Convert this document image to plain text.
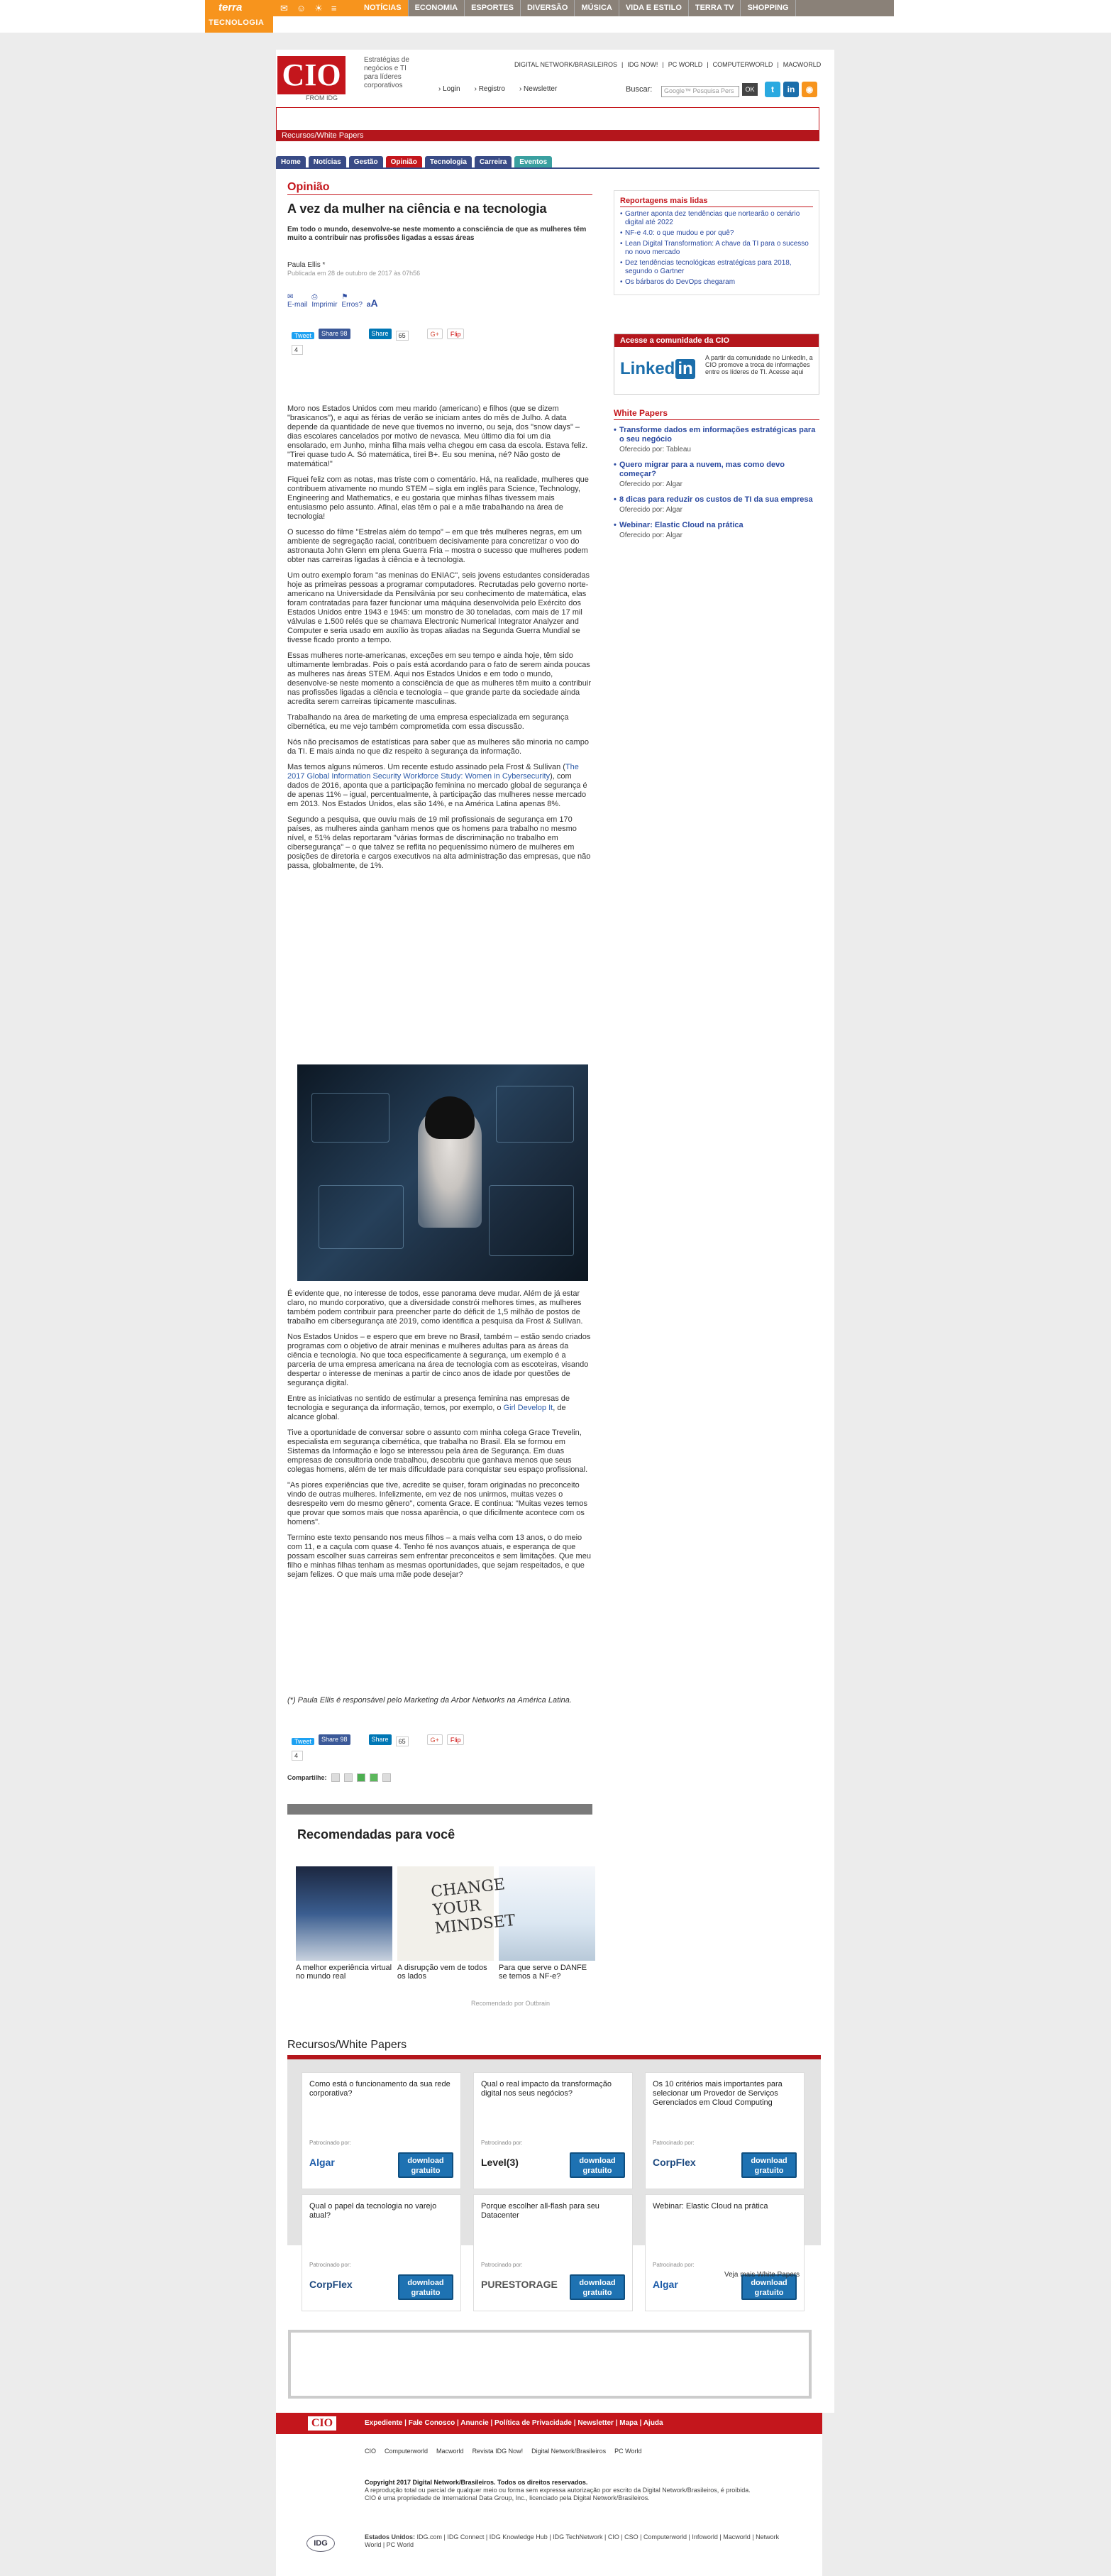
terra
TECNOLOGIA
✉ ☺ ☀ ≡	NOTÍCIAS	ECONOMIA	ESPORTES	DIVERSÃO	MÚSICA	VIDA E ESTILO	TERRA TV	SHOPPING
CIO
FROM IDG
Estratégias de negócios e TI para líderes corporativos
DIGITAL NETWORK/BRASILEIROS | IDG NOW! | PC WORLD | COMPUTERWORLD | MACWORLD
› Login › Registro › Newsletter	Buscar:	Google™ Pesquisa Pers	OK	t	in	◉
Recursos/White Papers
Home	Notícias	Gestão	Opinião	Tecnologia	Carreira	Eventos
Opinião
A vez da mulher na ciência e na tecnologia
Em todo o mundo, desenvolve-se neste momento a consciência de que as mulheres têm muito a contribuir nas profissões ligadas a essas áreas
Paula Ellis *
Publicada em 28 de outubro de 2017 às 07h56
✉
E-mail
⎙
Imprimir
⚑
Erros? aA
Tweet
4
Share 98	Share	65	G+	Flip

Moro nos Estados Unidos com meu marido (americano) e filhos (que se dizem "brasicanos"), e aqui as férias de verão se iniciam antes do mês de Julho. A data depende da quantidade de neve que tivemos no inverno, ou seja, dos "snow days" – dias escolares cancelados por motivo de nevasca. Meu último dia foi um dia ensolarado, em Junho, minha filha mais velha chegou em casa da escola. Estava feliz. "Tirei quase tudo A. Só matemática, tirei B+. Eu sou menina, né? Não gosto de matemática!"

Fiquei feliz com as notas, mas triste com o comentário. Há, na realidade, mulheres que contribuem ativamente no mundo STEM – sigla em inglês para Science, Technology, Engineering and Mathematics, e eu gostaria que minhas filhas tivessem mais entusiasmo pelo assunto. Afinal, elas têm o pai e a mãe trabalhando na área de tecnologia!

O sucesso do filme "Estrelas além do tempo" – em que três mulheres negras, em um ambiente de segregação racial, contribuem decisivamente para concretizar o voo do astronauta John Glenn em plena Guerra Fria – mostra o sucesso que mulheres podem obter nas carreiras ligadas à ciência e à tecnologia.

Um outro exemplo foram "as meninas do ENIAC", seis jovens estudantes consideradas hoje as primeiras pessoas a programar computadores. Recrutadas pelo governo norte-americano na Universidade da Pensilvânia por seu conhecimento de matemática, elas foram contratadas para fazer funcionar uma máquina desenvolvida pelo Exército dos Estados Unidos entre 1943 e 1945: um monstro de 30 toneladas, com mais de 17 mil válvulas e 1.500 relés que se chamava Electronic Numerical Integrator Analyzer and Computer e seria usado em auxílio às tropas aliadas na Segunda Guerra Mundial se tivesse ficado pronto a tempo.

Essas mulheres norte-americanas, exceções em seu tempo e ainda hoje, têm sido ultimamente lembradas. Pois o país está acordando para o fato de serem ainda poucas as mulheres nas áreas STEM. Aqui nos Estados Unidos e em todo o mundo, desenvolve-se neste momento a consciência de que as mulheres têm muito a contribuir nas profissões ligadas a ciência e tecnologia – que grande parte da sociedade ainda acredita serem carreiras tipicamente masculinas.

Trabalhando na área de marketing de uma empresa especializada em segurança cibernética, eu me vejo também comprometida com essa discussão.

Nós não precisamos de estatísticas para saber que as mulheres são minoria no campo da TI. E mais ainda no que diz respeito à segurança da informação.

Mas temos alguns números. Um recente estudo assinado pela Frost & Sullivan (The 2017 Global Information Security Workforce Study: Women in Cybersecurity), com dados de 2016, aponta que a participação feminina no mercado global de segurança é de apenas 11% – igual, percentualmente, à participação das mulheres nesse mercado em 2013. Nos Estados Unidos, elas são 14%, e na América Latina apenas 8%.

Segundo a pesquisa, que ouviu mais de 19 mil profissionais de segurança em 170 países, as mulheres ainda ganham menos que os homens para trabalho no mesmo nível, e 51% delas reportaram "várias formas de discriminação no trabalho em cibersegurança" – o que talvez se reflita no pequeníssimo número de mulheres em posições de diretoria e cargos executivos na alta administração das empresas, que não passa, globalmente, de 1%.

É evidente que, no interesse de todos, esse panorama deve mudar. Além de já estar claro, no mundo corporativo, que a diversidade constrói melhores times, as mulheres também podem contribuir para preencher parte do déficit de 1,5 milhão de postos de trabalho em cibersegurança até 2019, como identifica a pesquisa da Frost & Sullivan.

Nos Estados Unidos – e espero que em breve no Brasil, também – estão sendo criados programas com o objetivo de atrair meninas e mulheres adultas para as áreas da ciência e tecnologia. No que toca especificamente à segurança, um exemplo é a parceria de uma empresa americana na área de tecnologia com as escoteiras, visando despertar o interesse de meninas a partir de cinco anos de idade por questões de segurança digital.

Entre as iniciativas no sentido de estimular a presença feminina nas empresas de tecnologia e segurança da informação, temos, por exemplo, o Girl Develop It, de alcance global.

Tive a oportunidade de conversar sobre o assunto com minha colega Grace Trevelin, especialista em segurança cibernética, que trabalha no Brasil. Ela se formou em Sistemas da Informação e logo se interessou pela área de Segurança. Em duas empresas de consultoria onde trabalhou, descobriu que ganhava menos que seus colegas homens, além de ter mais dificuldade para conquistar seu espaço profissional.

"As piores experiências que tive, acredite se quiser, foram originadas no preconceito vindo de outras mulheres. Infelizmente, em vez de nos unirmos, muitas vezes o desrespeito vem do mesmo gênero", comenta Grace. E continua: "Muitas vezes temos que provar que somos mais que nossa aparência, o que dificilmente acontece com os homens".

Termino este texto pensando nos meus filhos – a mais velha com 13 anos, o do meio com 11, e a caçula com quase 4. Tenho fé nos avanços atuais, e esperança de que possam escolher suas carreiras sem enfrentar preconceitos e sem limitações. Que meu filho e minhas filhas tenham as mesmas oportunidades, que sejam respeitados, e que sejam felizes. O que mais uma mãe pode desejar?

(*) Paula Ellis é responsável pelo Marketing da Arbor Networks na América Latina.
Tweet
4
Share 98	Share	65	G+	Flip
Compartilhe:
Recomendadas para você
A melhor experiência virtual no mundo real
CHANGE YOUR MINDSET
A disrupção vem de todos os lados
Para que serve o DANFE se temos a NF-e?
Recomendado por Outbrain
Recursos/White Papers
Como está o funcionamento da sua rede corporativa?
Patrocinado por:
Algar	download gratuito
Qual o real impacto da transformação digital nos seus negócios?
Patrocinado por:
Level(3)	download gratuito
Os 10 critérios mais importantes para selecionar um Provedor de Serviços Gerenciados em Cloud Computing
Patrocinado por:
CorpFlex	download gratuito
Qual o papel da tecnologia no varejo atual?
Patrocinado por:
CorpFlex	download gratuito
Porque escolher all-flash para seu Datacenter
Patrocinado por:
PURESTORAGE	download gratuito
Webinar: Elastic Cloud na prática
Patrocinado por:
Algar	download gratuito
Veja mais White Papers
Reportagens mais lidas
• Gartner aponta dez tendências que nortearão o cenário digital até 2022
• NF-e 4.0: o que mudou e por quê?
• Lean Digital Transformation: A chave da TI para o sucesso no novo mercado
• Dez tendências tecnológicas estratégicas para 2018, segundo o Gartner
• Os bárbaros do DevOps chegaram
Acesse a comunidade da CIO
Linked in
A partir da comunidade no LinkedIn, a CIO promove a troca de informações entre os líderes de TI. Acesse aqui
White Papers
• Transforme dados em informações estratégicas para o seu negócio
Oferecido por: Tableau
• Quero migrar para a nuvem, mas como devo começar?
Oferecido por: Algar
• 8 dicas para reduzir os custos de TI da sua empresa
Oferecido por: Algar
• Webinar: Elastic Cloud na prática
Oferecido por: Algar
CIO	Expediente | Fale Conosco | Anuncie | Política de Privacidade | Newsletter | Mapa | Ajuda
CIO Computerworld Macworld Revista IDG Now! Digital Network/Brasileiros PC World
Copyright 2017 Digital Network/Brasileiros. Todos os direitos reservados.
A reprodução total ou parcial de qualquer meio ou forma sem expressa autorização por escrito da Digital Network/Brasileiros, é proibida. CIO é uma propriedade de International Data Group, Inc., licenciado pela Digital Network/Brasileiros.
IDG
Estados Unidos: IDG.com | IDG Connect | IDG Knowledge Hub | IDG TechNetwork | CIO | CSO | Computerworld | Infoworld | Macworld | Network World | PC World
